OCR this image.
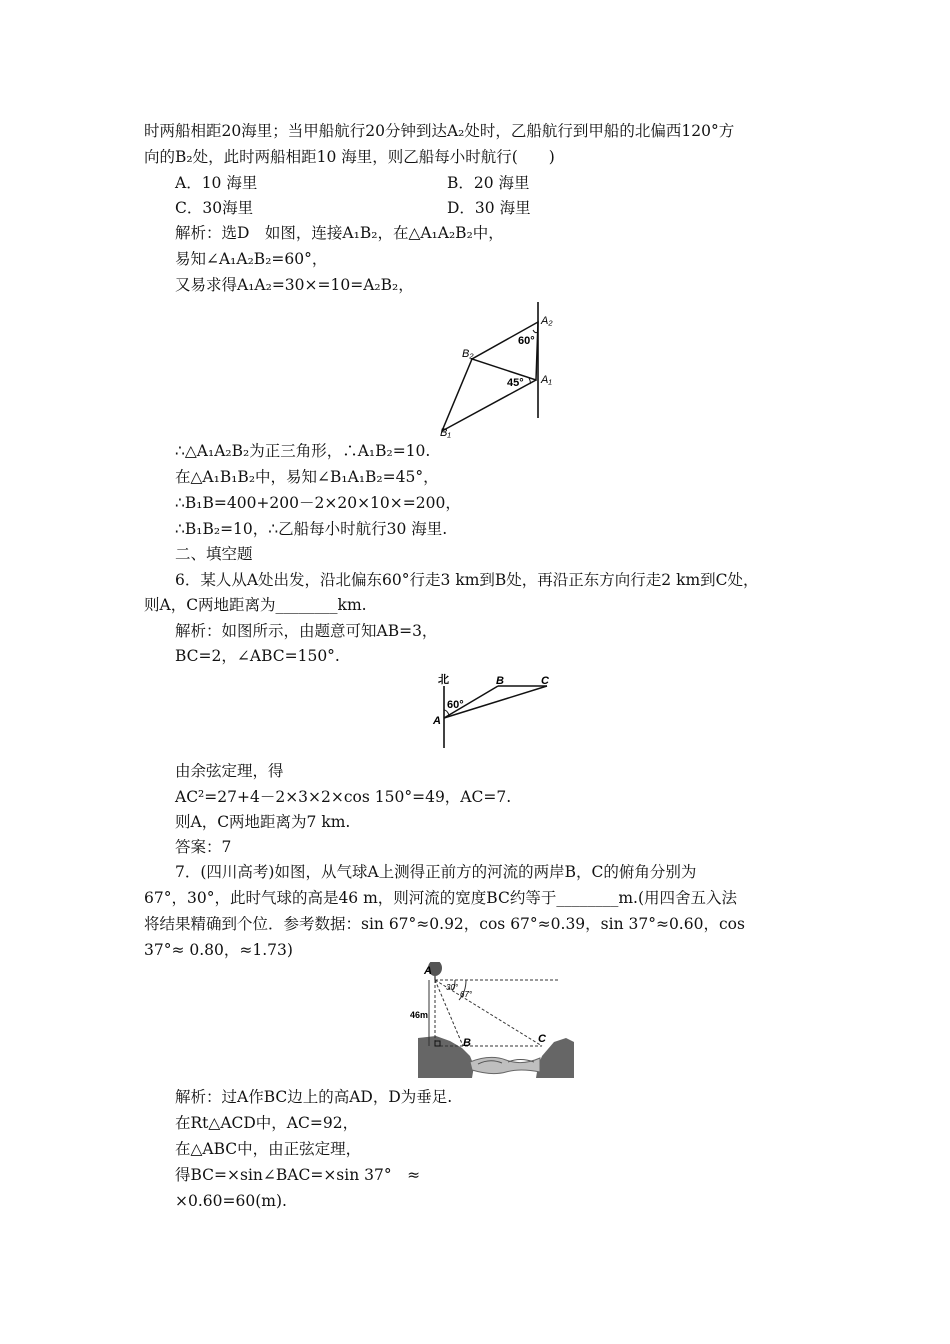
时两船相距20海里；当甲船航行20分钟到达A₂处时，乙船航行到甲船的北偏西120°方
向的B₂处，此时两船相距10 海里，则乙船每小时航行(　　)
A．10 海里	B．20 海里
C．30海里	D．30 海里
解析：选D　如图，连接A₁B₂，在△A₁A₂B₂中，
易知∠A₁A₂B₂=60°，
又易求得A₁A₂=30×=10=A₂B₂，
A₂
A₁
B₂
B₁
60°
45°
∴△A₁A₂B₂为正三角形，∴A₁B₂=10.
在△A₁B₁B₂中，易知∠B₁A₁B₂=45°，
∴B₁B=400+200－2×20×10×=200，
∴B₁B₂=10，∴乙船每小时航行30 海里.
二、填空题
6．某人从A处出发，沿北偏东60°行走3 km到B处，再沿正东方向行走2 km到C处，
则A，C两地距离为________km.
解析：如图所示，由题意可知AB=3，
BC=2，∠ABC=150°.
北
A
B	C
60°
由余弦定理，得
AC²=27+4－2×3×2×cos 150°=49，AC=7.
则A，C两地距离为7 km.
答案：7
7．(四川高考)如图，从气球A上测得正前方的河流的两岸B，C的俯角分别为
67°，30°，此时气球的高是46 m，则河流的宽度BC约等于________m.(用四舍五入法
将结果精确到个位．参考数据：sin 67°≈0.92，cos 67°≈0.39，sin 37°≈0.60，cos
37°≈ 0.80，≈1.73)
A
46m
30°
67°
B	C
解析：过A作BC边上的高AD，D为垂足.
在Rt△ACD中，AC=92，
在△ABC中，由正弦定理，
得BC=×sin∠BAC=×sin 37°　≈
×0.60=60(m).
